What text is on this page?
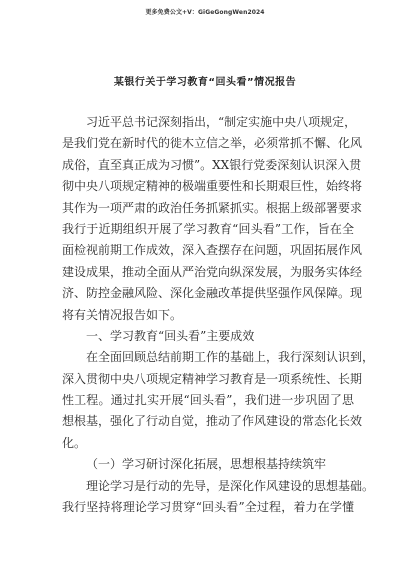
更多免费公文+V：GiGeGongWen2024
某银行关于学习教育“回头看”情况报告
习近平总书记深刻指出，“制定实施中央八项规定，
是我们党在新时代的徙木立信之举，必须常抓不懈、化风
成俗，直至真正成为习惯”。XX银行党委深刻认识深入贯
彻中央八项规定精神的极端重要性和长期艰巨性，始终将
其作为一项严肃的政治任务抓紧抓实。根据上级部署要求
我行于近期组织开展了学习教育“回头看”工作，旨在全
面检视前期工作成效，深入查摆存在问题，巩固拓展作风
建设成果，推动全面从严治党向纵深发展，为服务实体经
济、防控金融风险、深化金融改革提供坚强作风保障。现
将有关情况报告如下。
一、学习教育“回头看”主要成效
在全面回顾总结前期工作的基础上，我行深刻认识到，
深入贯彻中央八项规定精神学习教育是一项系统性、长期
性工程。通过扎实开展“回头看”，我们进一步巩固了思
想根基，强化了行动自觉，推动了作风建设的常态化长效
化。
（一）学习研讨深化拓展，思想根基持续筑牢
理论学习是行动的先导，是深化作风建设的思想基础。
我行坚持将理论学习贯穿“回头看”全过程，着力在学懂
